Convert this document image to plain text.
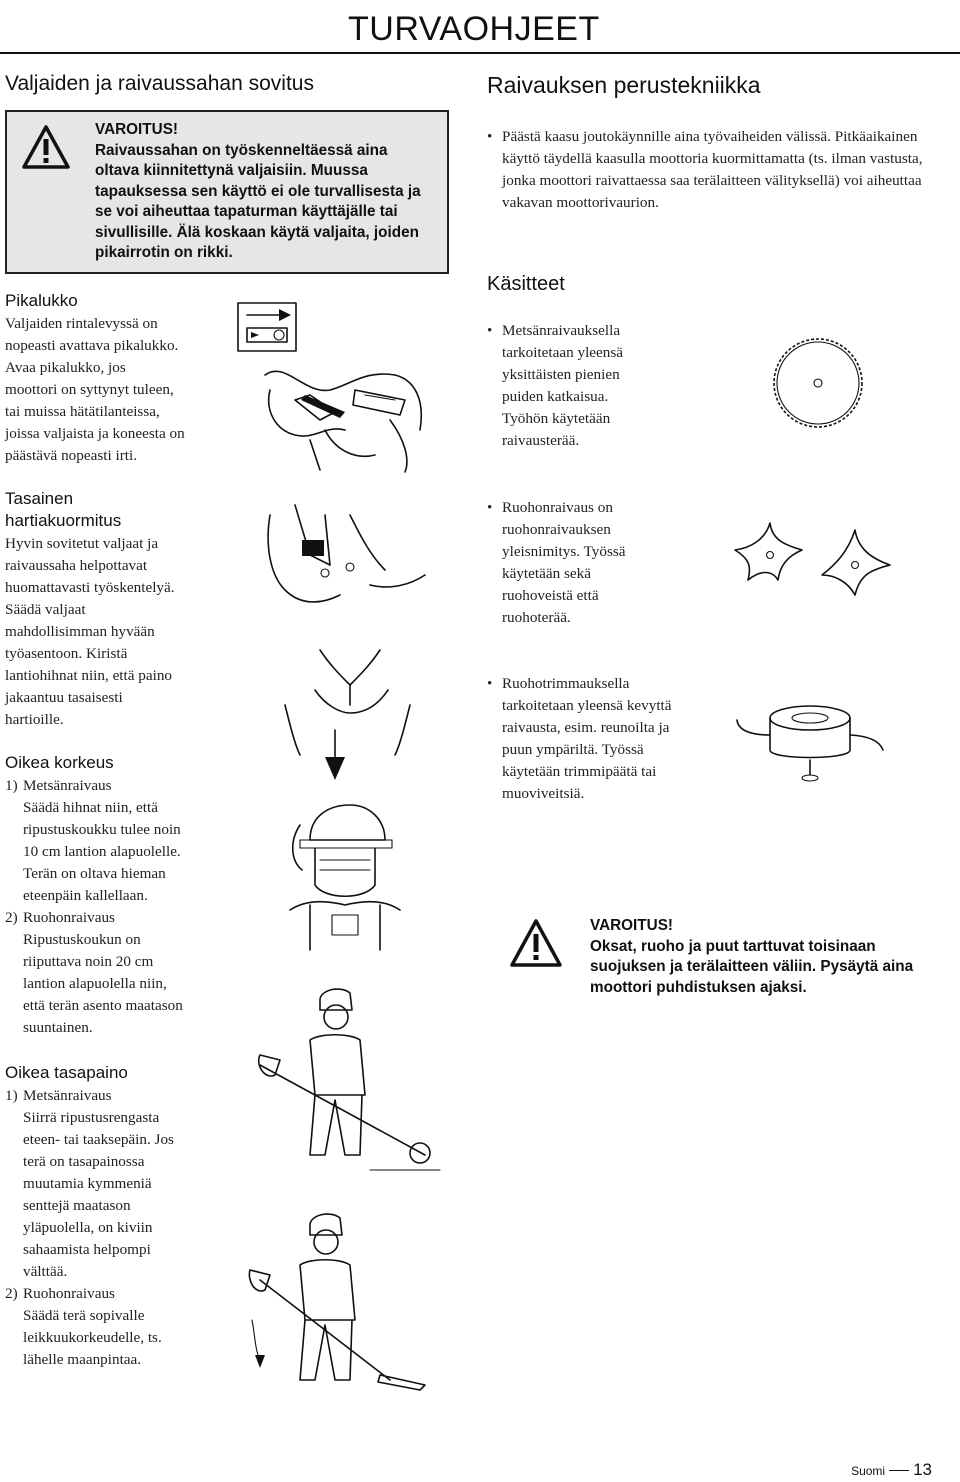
TURVAOHJEET
Valjaiden ja raivaussahan sovitus
VAROITUS!
Raivaussahan on työskenneltäessä aina oltava kiinnitettynä valjaisiin. Muussa tapauksessa sen käyttö ei ole turvallisesta ja se voi aiheuttaa tapaturman käyttäjälle tai sivullisille. Älä koskaan käytä valjaita, joiden pikairrotin on rikki.
Pikalukko
Valjaiden rintalevyssä on
nopeasti avattava pikalukko.
Avaa pikalukko, jos
moottori on syttynyt tuleen,
tai muissa hätätilanteissa,
joissa valjaista ja koneesta on
päästävä nopeasti irti.
Tasainen
hartiakuormitus
Hyvin sovitetut valjaat ja
raivaussaha helpottavat
huomattavasti työskentelyä.
Säädä valjaat
mahdollisimman hyvään
työasentoon. Kiristä
lantiohihnat niin, että paino
jakaantuu tasaisesti
hartioille.
Oikea korkeus
1) Metsänraivaus
Säädä hihnat niin, että
ripustuskoukku tulee noin
10 cm lantion alapuolelle.
Terän on oltava hieman
eteenpäin kallellaan.
2) Ruohonraivaus
Ripustuskoukun on
riiputtava noin 20 cm
lantion alapuolella niin,
että terän asento maatason
suuntainen.
Oikea tasapaino
1) Metsänraivaus
Siirrä ripustusrengasta
eteen- tai taaksepäin. Jos
terä on tasapainossa
muutamia kymmeniä
senttejä maatason
yläpuolella, on kiviin
sahaamista helpompi
välttää.
2) Ruohonraivaus
Säädä terä sopivalle
leikkuukorkeudelle, ts.
lähelle maanpintaa.
Raivauksen perustekniikka
• Päästä kaasu joutokäynnille aina työvaiheiden välissä. Pitkäaikainen käyttö täydellä kaasulla moottoria kuormittamatta (ts. ilman vastusta, jonka moottori raivattaessa saa terälaitteen välityksellä) voi aiheuttaa vakavan moottorivaurion.
Käsitteet
• Metsänraivauksella tarkoitetaan yleensä yksittäisten pienien puiden katkaisua. Työhön käytetään raivausterää.
• Ruohonraivaus on ruohonraivauksen yleisnimitys. Työssä käytetään sekä ruohoveistä että ruohoterää.
• Ruohotrimmauksella tarkoitetaan yleensä kevyttä raivausta, esim. reunoilta ja puun ympäriltä. Työssä käytetään trimmipäätä tai muoviveitsiä.
VAROITUS!
Oksat, ruoho ja puut tarttuvat toisinaan suojuksen ja terälaitteen väliin. Pysäytä aina moottori puhdistuksen ajaksi.
Suomi 13
